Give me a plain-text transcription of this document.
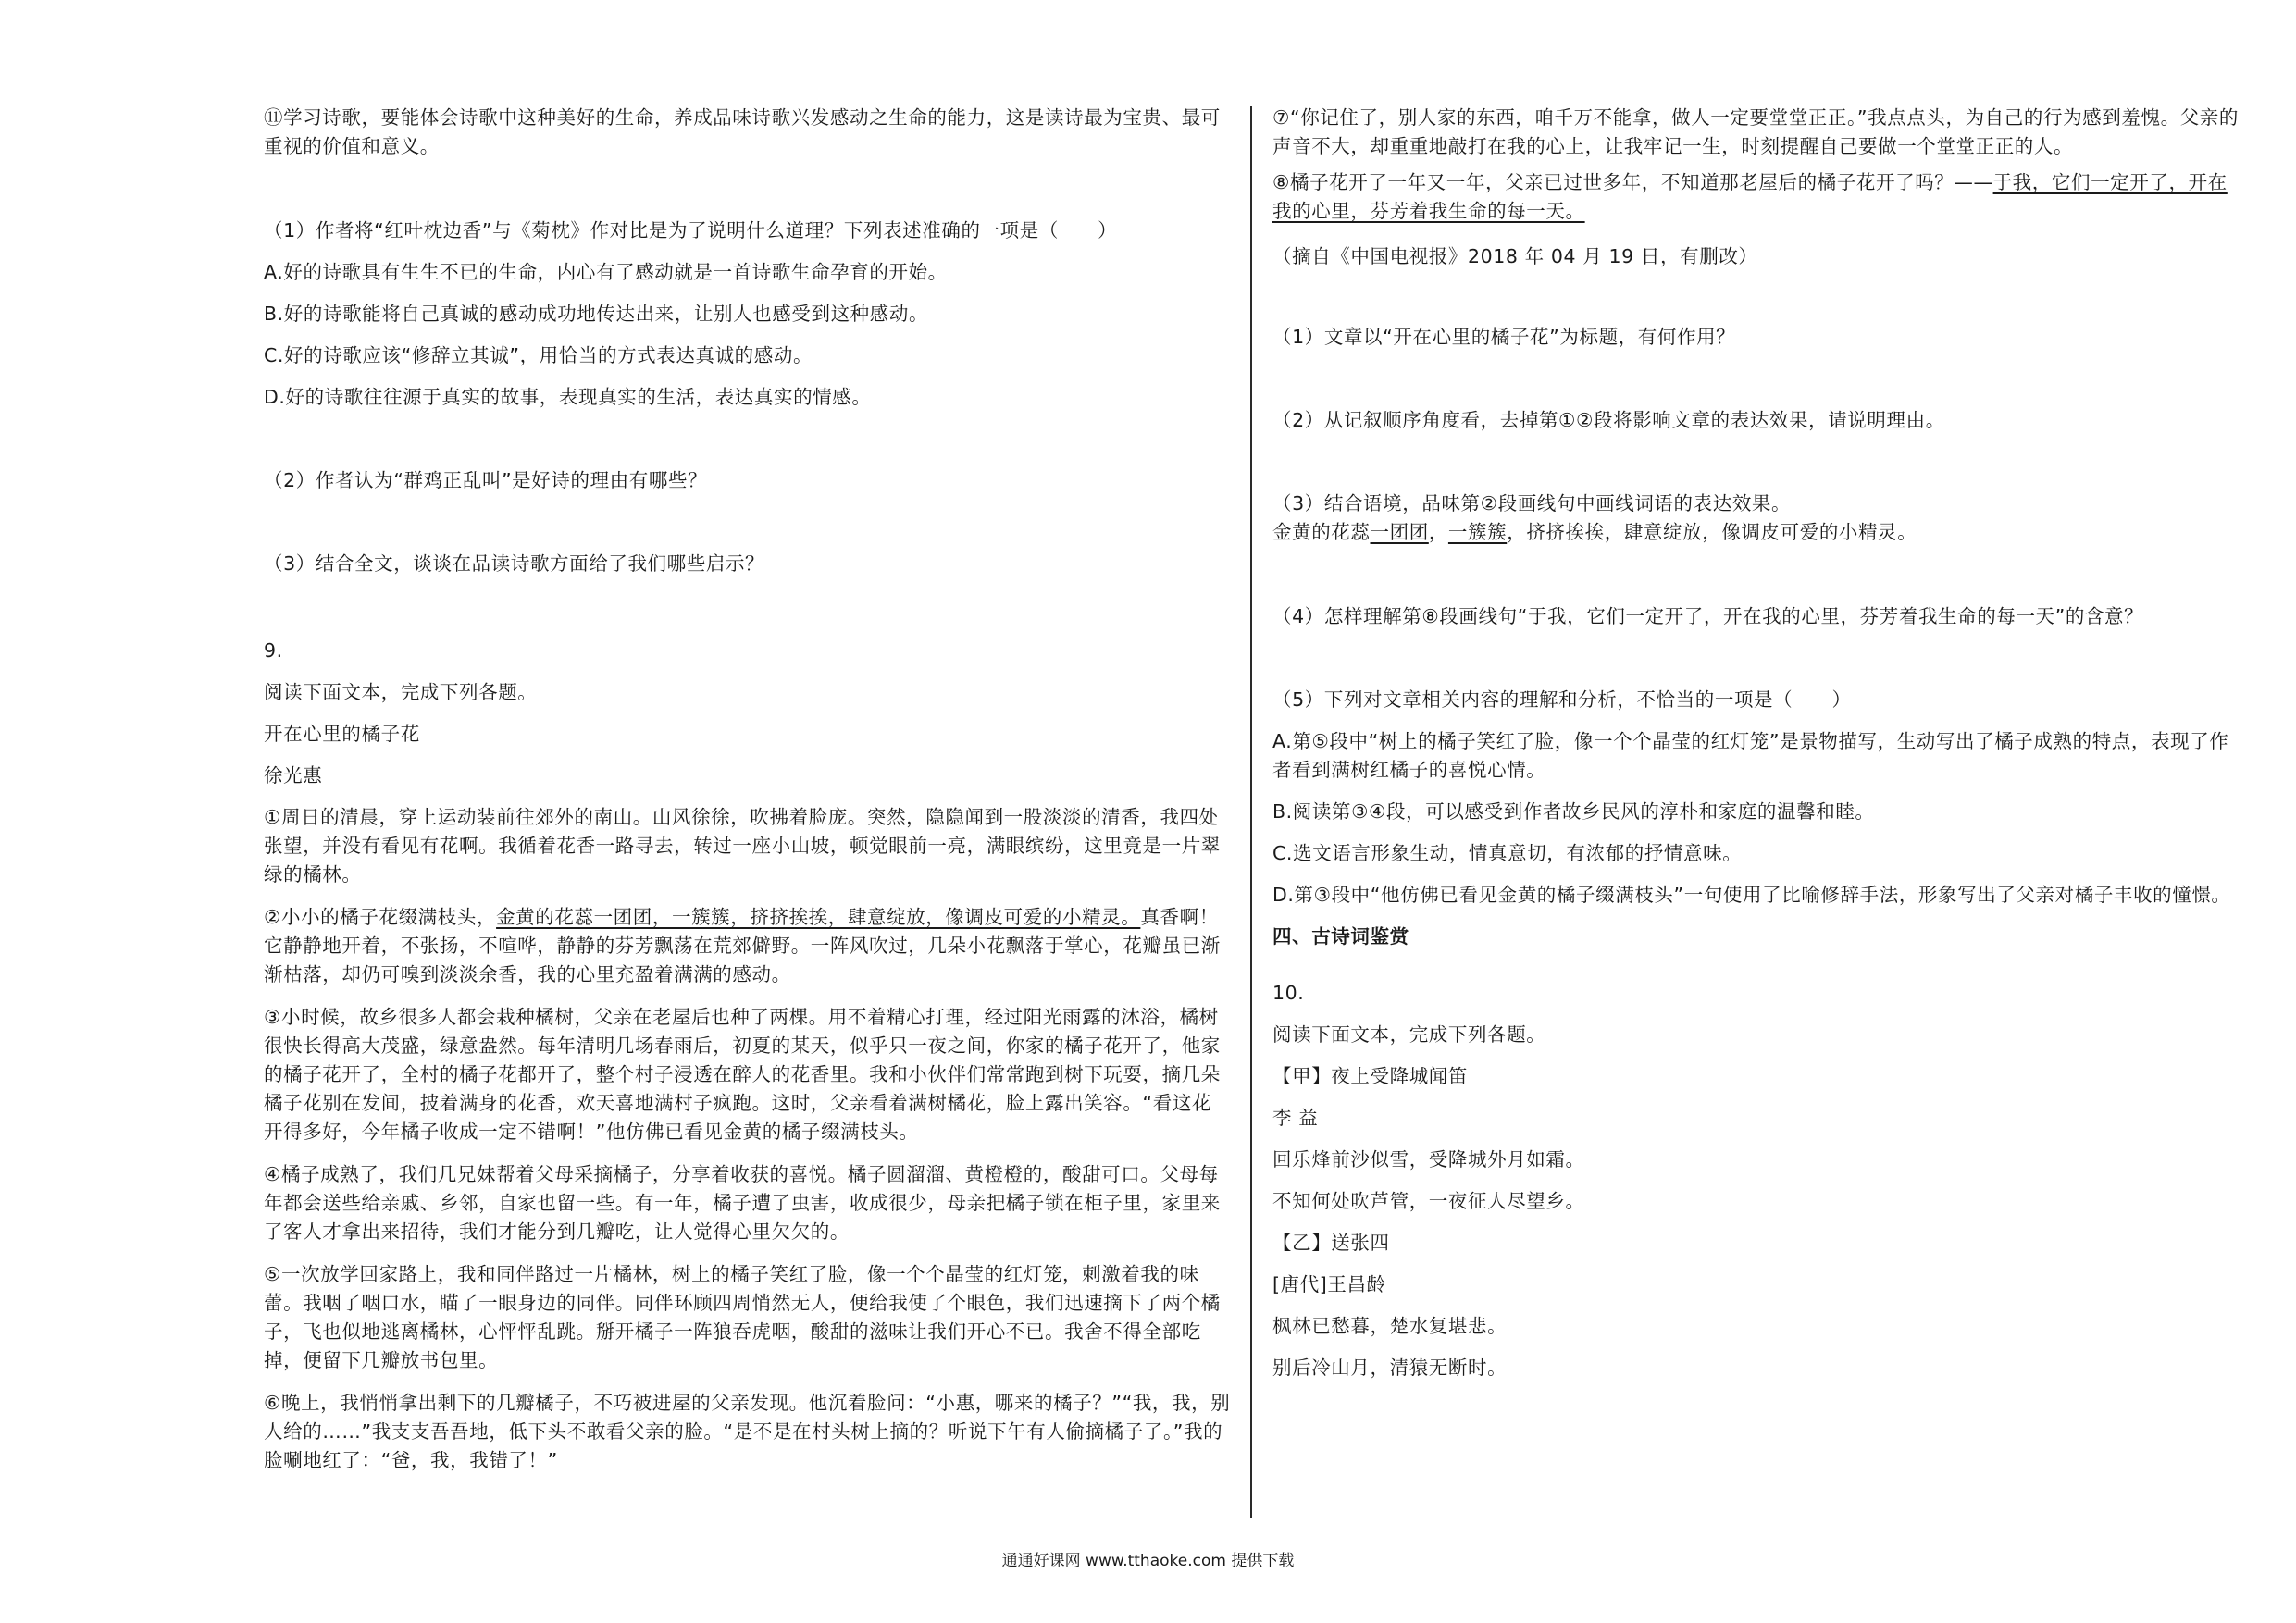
⑪学习诗歌，要能体会诗歌中这种美好的生命，养成品味诗歌兴发感动之生命的能力，这是读诗最为宝贵、最可重视的价值和意义。

（1）作者将“红叶枕边香”与《菊枕》作对比是为了说明什么道理？下列表述准确的一项是（　　）

A.好的诗歌具有生生不已的生命，内心有了感动就是一首诗歌生命孕育的开始。

B.好的诗歌能将自己真诚的感动成功地传达出来，让别人也感受到这种感动。

C.好的诗歌应该“修辞立其诚”，用恰当的方式表达真诚的感动。

D.好的诗歌往往源于真实的故事，表现真实的生活，表达真实的情感。

（2）作者认为“群鸡正乱叫”是好诗的理由有哪些？

（3）结合全文，谈谈在品读诗歌方面给了我们哪些启示？

9.

阅读下面文本，完成下列各题。

开在心里的橘子花

徐光惠

①周日的清晨，穿上运动装前往郊外的南山。山风徐徐，吹拂着脸庞。突然，隐隐闻到一股淡淡的清香，我四处张望，并没有看见有花啊。我循着花香一路寻去，转过一座小山坡，顿觉眼前一亮，满眼缤纷，这里竟是一片翠绿的橘林。

②小小的橘子花缀满枝头，金黄的花蕊一团团，一簇簇，挤挤挨挨，肆意绽放，像调皮可爱的小精灵。真香啊！它静静地开着，不张扬，不喧哗，静静的芬芳飘荡在荒郊僻野。一阵风吹过，几朵小花飘落于掌心，花瓣虽已渐渐枯落，却仍可嗅到淡淡余香，我的心里充盈着满满的感动。

③小时候，故乡很多人都会栽种橘树，父亲在老屋后也种了两棵。用不着精心打理，经过阳光雨露的沐浴，橘树很快长得高大茂盛，绿意盎然。每年清明几场春雨后，初夏的某天，似乎只一夜之间，你家的橘子花开了，他家的橘子花开了，全村的橘子花都开了，整个村子浸透在醉人的花香里。我和小伙伴们常常跑到树下玩耍，摘几朵橘子花别在发间，披着满身的花香，欢天喜地满村子疯跑。这时，父亲看着满树橘花，脸上露出笑容。“看这花开得多好，今年橘子收成一定不错啊！”他仿佛已看见金黄的橘子缀满枝头。

④橘子成熟了，我们几兄妹帮着父母采摘橘子，分享着收获的喜悦。橘子圆溜溜、黄橙橙的，酸甜可口。父母每年都会送些给亲戚、乡邻，自家也留一些。有一年，橘子遭了虫害，收成很少，母亲把橘子锁在柜子里，家里来了客人才拿出来招待，我们才能分到几瓣吃，让人觉得心里欠欠的。

⑤一次放学回家路上，我和同伴路过一片橘林，树上的橘子笑红了脸，像一个个晶莹的红灯笼，刺激着我的味蕾。我咽了咽口水，瞄了一眼身边的同伴。同伴环顾四周悄然无人，便给我使了个眼色，我们迅速摘下了两个橘子，飞也似地逃离橘林，心怦怦乱跳。掰开橘子一阵狼吞虎咽，酸甜的滋味让我们开心不已。我舍不得全部吃掉，便留下几瓣放书包里。

⑥晚上，我悄悄拿出剩下的几瓣橘子，不巧被进屋的父亲发现。他沉着脸问：“小惠，哪来的橘子？”“我，我，别人给的……”我支支吾吾地，低下头不敢看父亲的脸。“是不是在村头树上摘的？听说下午有人偷摘橘子了。”我的脸唰地红了：“爸，我，我错了！”

⑦“你记住了，别人家的东西，咱千万不能拿，做人一定要堂堂正正。”我点点头，为自己的行为感到羞愧。父亲的声音不大，却重重地敲打在我的心上，让我牢记一生，时刻提醒自己要做一个堂堂正正的人。

⑧橘子花开了一年又一年，父亲已过世多年，不知道那老屋后的橘子花开了吗？——于我，它们一定开了，开在我的心里，芬芳着我生命的每一天。

（摘自《中国电视报》2018 年 04 月 19 日，有删改）

（1）文章以“开在心里的橘子花”为标题，有何作用？

（2）从记叙顺序角度看，去掉第①②段将影响文章的表达效果，请说明理由。

（3）结合语境，品味第②段画线句中画线词语的表达效果。

金黄的花蕊一团团，一簇簇，挤挤挨挨，肆意绽放，像调皮可爱的小精灵。

（4）怎样理解第⑧段画线句“于我，它们一定开了，开在我的心里，芬芳着我生命的每一天”的含意？

（5）下列对文章相关内容的理解和分析，不恰当的一项是（　　）

A.第⑤段中“树上的橘子笑红了脸，像一个个晶莹的红灯笼”是景物描写，生动写出了橘子成熟的特点，表现了作者看到满树红橘子的喜悦心情。

B.阅读第③④段，可以感受到作者故乡民风的淳朴和家庭的温馨和睦。

C.选文语言形象生动，情真意切，有浓郁的抒情意味。

D.第③段中“他仿佛已看见金黄的橘子缀满枝头”一句使用了比喻修辞手法，形象写出了父亲对橘子丰收的憧憬。

四、古诗词鉴赏

10.

阅读下面文本，完成下列各题。

【甲】夜上受降城闻笛

李 益

回乐烽前沙似雪，受降城外月如霜。

不知何处吹芦管，一夜征人尽望乡。

【乙】送张四

[唐代]王昌龄

枫林已愁暮，楚水复堪悲。

别后冷山月，清猿无断时。

通通好课网 www.tthaoke.com 提供下载
